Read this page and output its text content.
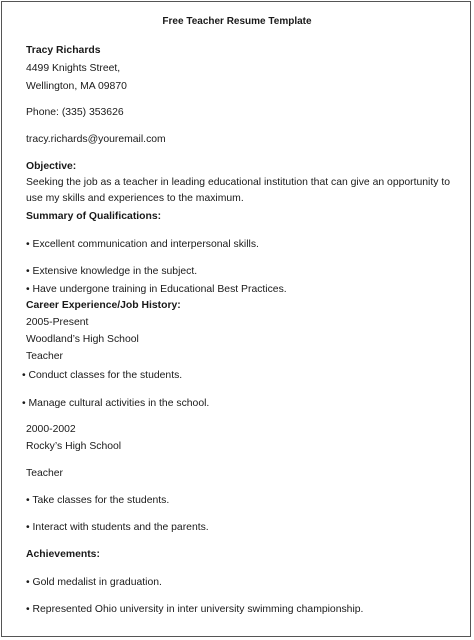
Free Teacher Resume Template
Tracy Richards
4499 Knights Street,
Wellington, MA 09870
Phone: (335) 353626
tracy.richards@youremail.com
Objective:
Seeking the job as a teacher in leading educational institution that can give an opportunity to use my skills and experiences to the maximum.
Summary of Qualifications:
• Excellent communication and interpersonal skills.
• Extensive knowledge in the subject.
• Have undergone training in Educational Best Practices.
Career Experience/Job History:
2005-Present
Woodland’s High School
Teacher
• Conduct classes for the students.
• Manage cultural activities in the school.
2000-2002
Rocky’s High School
Teacher
• Take classes for the students.
• Interact with students and the parents.
Achievements:
• Gold medalist in graduation.
• Represented Ohio university in inter university swimming championship.
